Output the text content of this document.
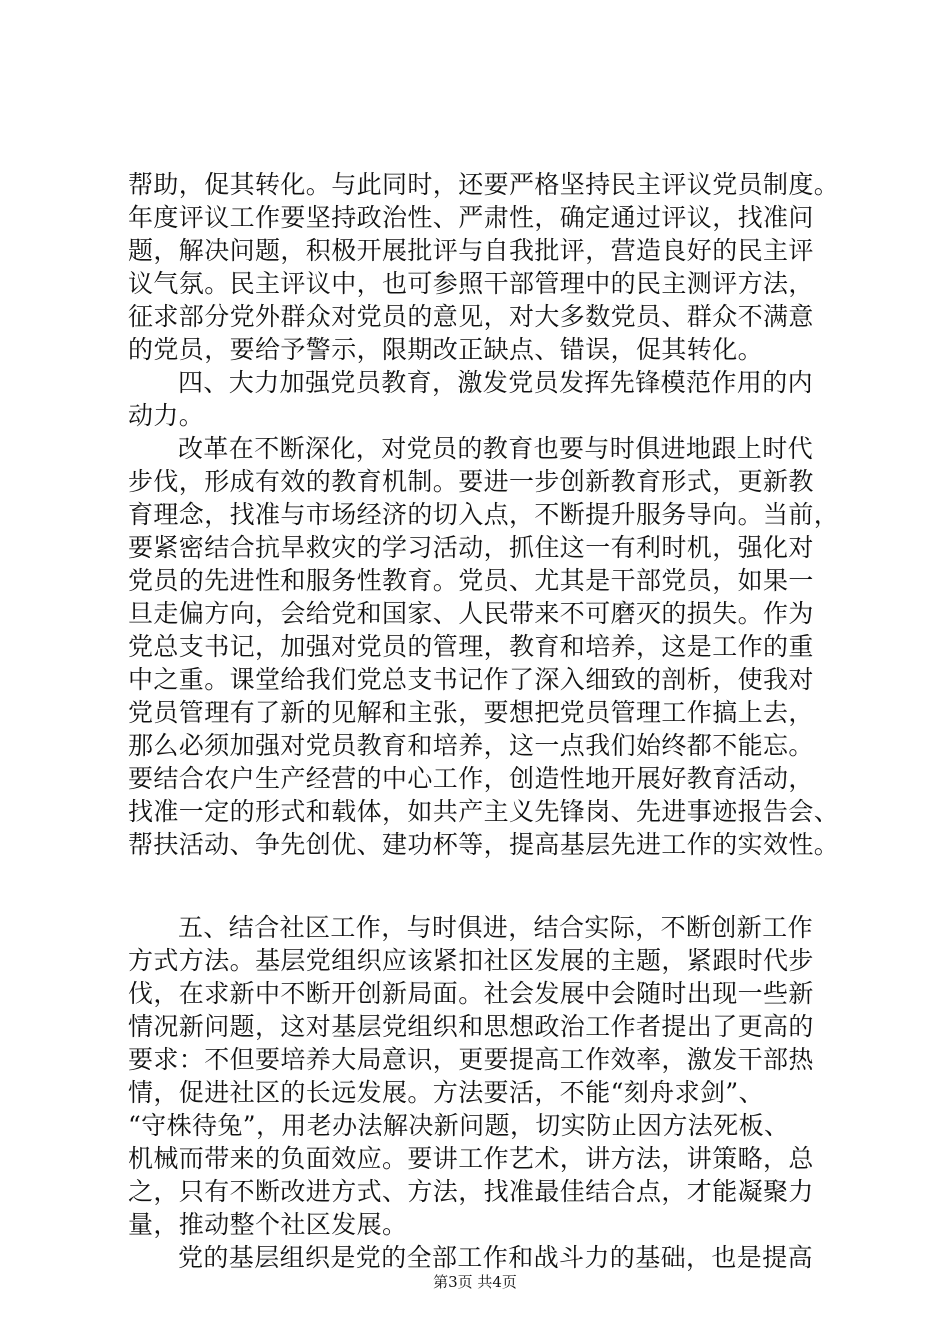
帮助，促其转化。与此同时，还要严格坚持民主评议党员制度。
年度评议工作要坚持政治性、严肃性，确定通过评议，找准问
题，解决问题，积极开展批评与自我批评，营造良好的民主评
议气氛。民主评议中，也可参照干部管理中的民主测评方法，
征求部分党外群众对党员的意见，对大多数党员、群众不满意
的党员，要给予警示，限期改正缺点、错误，促其转化。
四、大力加强党员教育，激发党员发挥先锋模范作用的内
动力。
改革在不断深化，对党员的教育也要与时俱进地跟上时代
步伐，形成有效的教育机制。要进一步创新教育形式，更新教
育理念，找准与市场经济的切入点，不断提升服务导向。当前，
要紧密结合抗旱救灾的学习活动，抓住这一有利时机，强化对
党员的先进性和服务性教育。党员、尤其是干部党员，如果一
旦走偏方向，会给党和国家、人民带来不可磨灭的损失。作为
党总支书记，加强对党员的管理，教育和培养，这是工作的重
中之重。课堂给我们党总支书记作了深入细致的剖析，使我对
党员管理有了新的见解和主张，要想把党员管理工作搞上去，
那么必须加强对党员教育和培养，这一点我们始终都不能忘。
要结合农户生产经营的中心工作，创造性地开展好教育活动，
找准一定的形式和载体，如共产主义先锋岗、先进事迹报告会、
帮扶活动、争先创优、建功杯等，提高基层先进工作的实效性。
五、结合社区工作，与时俱进，结合实际，不断创新工作
方式方法。基层党组织应该紧扣社区发展的主题，紧跟时代步
伐，在求新中不断开创新局面。社会发展中会随时出现一些新
情况新问题，这对基层党组织和思想政治工作者提出了更高的
要求：不但要培养大局意识，更要提高工作效率，激发干部热
情，促进社区的长远发展。方法要活，不能“刻舟求剑”、
“守株待兔”，用老办法解决新问题，切实防止因方法死板、
机械而带来的负面效应。要讲工作艺术，讲方法，讲策略，总
之，只有不断改进方式、方法，找准最佳结合点，才能凝聚力
量，推动整个社区发展。
党的基层组织是党的全部工作和战斗力的基础，也是提高
第3页 共4页
